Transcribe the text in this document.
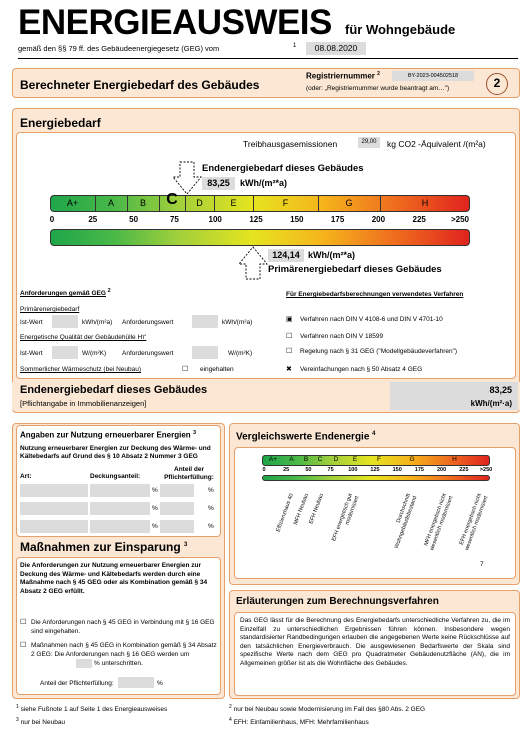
ENERGIEAUSWEIS für Wohngebäude
gemäß den §§ 79 ff. des Gebäudeenergiegesetz (GEG) vom	1	08.08.2020
Berechneter Energiebedarf des Gebäudes
Registriernummer $^2$	BY-2023-004502518
(oder: „Registriernummer wurde beantragt am…")	2
Energiebedarf
Treibhausgasemissionen	29,00	kg CO2 -Äquivalent /(m²a)
Endenergiebedarf dieses Gebäudes
83,25	kWh/(m²*a)
A+	A	B	C	D	E	F	G	H
0	25	50	75	100	125	150	175	200	225	>250
124,14 kWh/(m²*a)
Primärenergiebedarf dieses Gebäudes
Anforderungen gemäß GEG $^2$
Primärenergiebedarf
Ist-Wert	kWh/(m²a) Anforderungswert	kWh/(m²a)
Energetische Qualität der Gebäudehülle Hт'
Ist-Wert	W/(m²K) Anforderungswert	W/(m²K)
Sommerlicher Wärmeschutz (bei Neubau)	☐ eingehalten
Für Energiebedarfsberechnungen verwendetes Verfahren
▣ Verfahren nach DIN V 4108-6 und DIN V 4701-10
☐ Verfahren nach DIN V 18599
☐ Regelung nach § 31 GEG ("Modellgebäudeverfahren")
✖ Vereinfachungen nach § 50 Absatz 4 GEG
Endenergiebedarf dieses Gebäudes
[Pflichtangabe in Immobilienanzeigen]
83,25
kWh/(m²·a)
Angaben zur Nutzung erneuerbarer Energien $^3$
Nutzung erneuerbarer Energien zur Deckung des Wärme- und Kältebedarfs auf Grund des § 10 Absatz 2 Nummer 3 GEG
Art:	Deckungsanteil:
Anteil der Pflichterfüllung:
%	%
%	%
%	%
Maßnahmen zur Einsparung $^3$
Die Anforderungen zur Nutzung erneuerbarer Energien zur Deckung des Wärme- und Kältebedarfs werden durch eine Maßnahme nach § 45 GEG oder als Kombination gemäß § 34 Absatz 2 GEG erfüllt.
☐ Die Anforderungen nach § 45 GEG in Verbindung mit § 16 GEG sind eingehalten.
☐ Maßnahmen nach § 45 GEG in Kombination gemäß § 34 Absatz 2 GEG: Die Anforderungen nach § 16 GEG werden um
% unterschritten.
Anteil der Pflichterfüllung:	%
Vergleichswerte Endenergie $^4$
A+	A	B	C	D	E	F	G	H
0	25	50	75	100 125 150 175 200 225 >250
Effizienzhaus 40
MFH Neubau
EFH Neubau	EFH energetisch gut modernisiert	Durchschnitt Wohngebäudebestand MFH energetisch nicht wesentlich modernisiert EFH energetisch nicht wesentlich modernisiert
7
Erläuterungen zum Berechnungsverfahren
Das GEG lässt für die Berechnung des Energiebedarfs unterschiedliche Verfahren zu, die im Einzelfall zu unterschiedlichen Ergebnissen führen können. Insbesondere wegen standardisierter Randbedingungen erlauben die angegebenen Werte keine Rückschlüsse auf den tatsächlichen Energieverbrauch. Die ausgewiesenen Bedarfswerte der Skala sind spezifische Werte nach dem GEG pro Quadratmeter Gebäudenutzfläche (AN), die im Allgemeinen größer ist als die Wohnfläche des Gebäudes.
$^1$ siehe Fußnote 1 auf Seite 1 des Energieausweises	$^2$ nur bei Neubau sowie Modernisierung im Fall des §80 Abs. 2 GEG
$^3$ nur bei Neubau	$^4$ EFH: Einfamilienhaus, MFH: Mehrfamilienhaus
